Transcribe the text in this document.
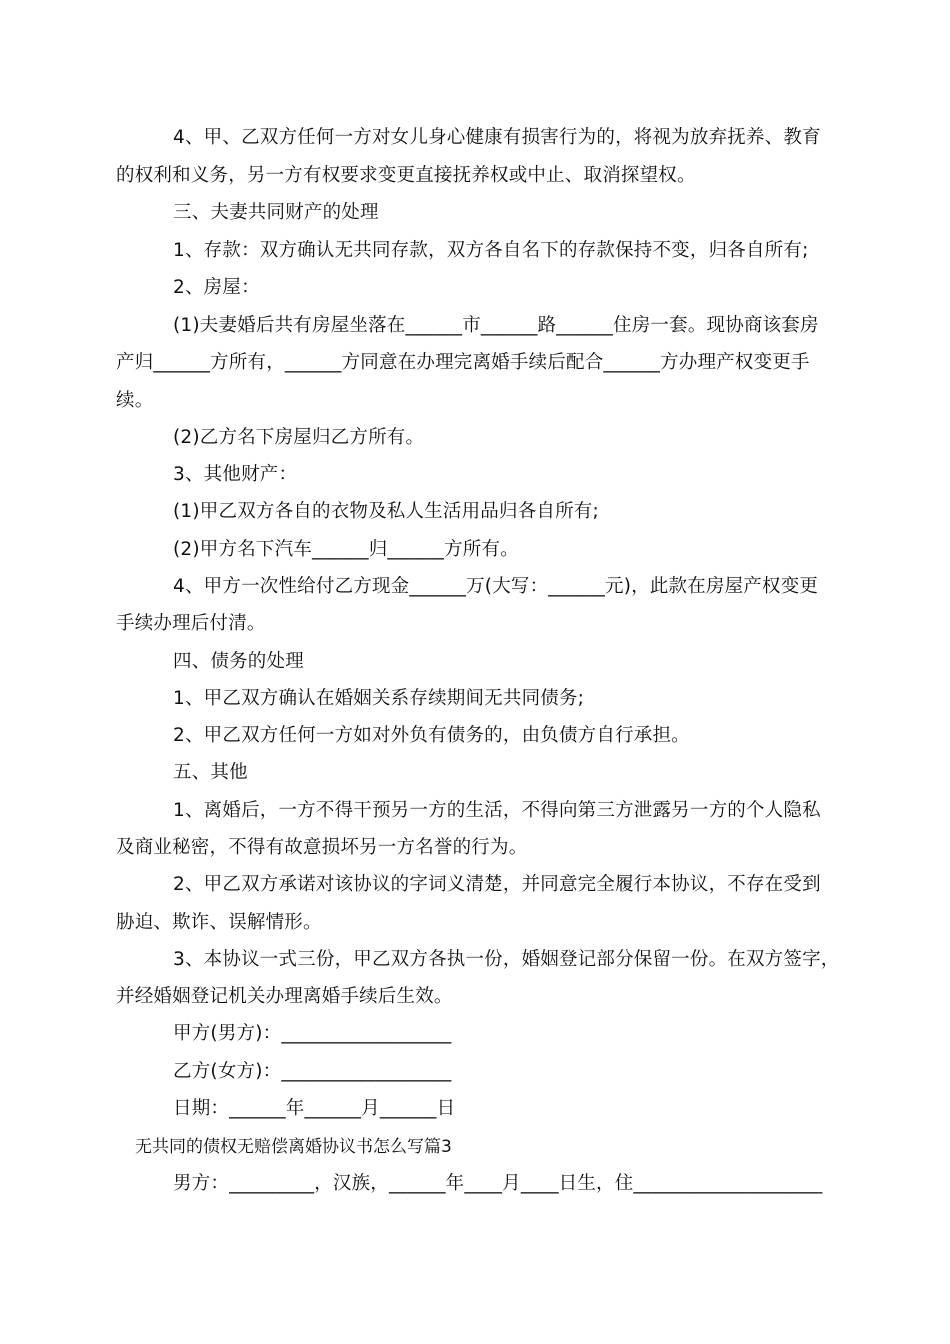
4、甲、乙双方任何一方对女儿身心健康有损害行为的，将视为放弃抚养、教育
的权利和义务，另一方有权要求变更直接抚养权或中止、取消探望权。
三、夫妻共同财产的处理
1、存款：双方确认无共同存款，双方各自名下的存款保持不变，归各自所有;
2、房屋：
(1)夫妻婚后共有房屋坐落在______市______路______住房一套。现协商该套房
产归______方所有，______方同意在办理完离婚手续后配合______方办理产权变更手
续。
(2)乙方名下房屋归乙方所有。
3、其他财产：
(1)甲乙双方各自的衣物及私人生活用品归各自所有;
(2)甲方名下汽车______归______方所有。
4、甲方一次性给付乙方现金______万(大写：______元)，此款在房屋产权变更
手续办理后付清。
四、债务的处理
1、甲乙双方确认在婚姻关系存续期间无共同债务;
2、甲乙双方任何一方如对外负有债务的，由负债方自行承担。
五、其他
1、离婚后，一方不得干预另一方的生活，不得向第三方泄露另一方的个人隐私
及商业秘密，不得有故意损坏另一方名誉的行为。
2、甲乙双方承诺对该协议的字词义清楚，并同意完全履行本协议，不存在受到
胁迫、欺诈、误解情形。
3、本协议一式三份，甲乙双方各执一份，婚姻登记部分保留一份。在双方签字，
并经婚姻登记机关办理离婚手续后生效。
甲方(男方)：__________________
乙方(女方)：__________________
日期：______年______月______日
无共同的债权无赔偿离婚协议书怎么写篇3
男方：_________，汉族，______年____月____日生，住____________________
